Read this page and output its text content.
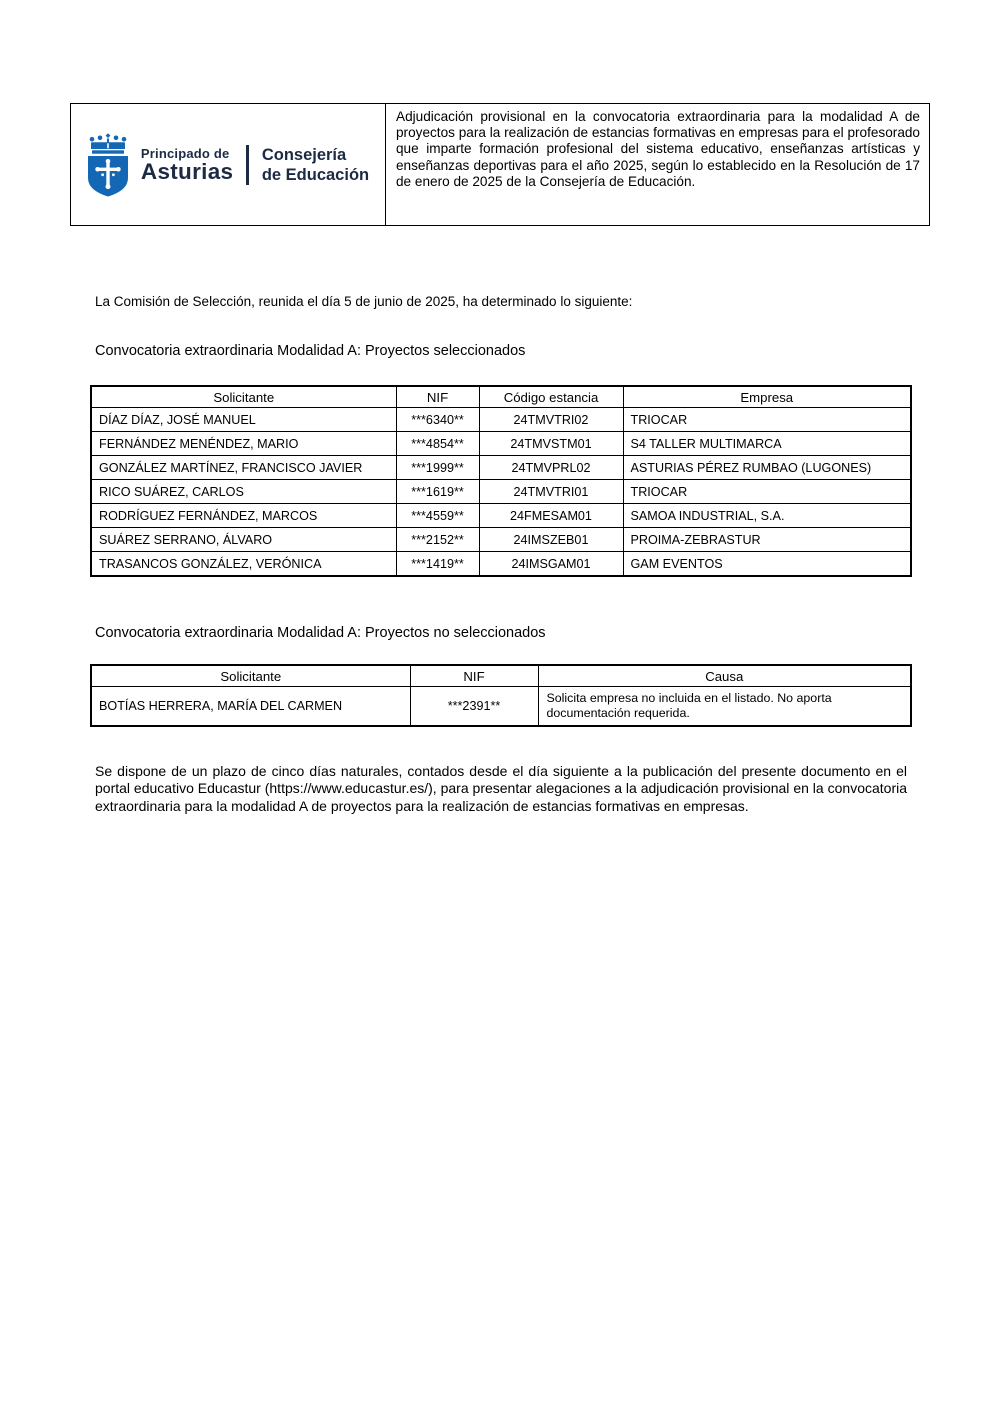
Principado de
Asturias
Consejería
de Educación
Adjudicación provisional en la convocatoria extraordinaria para la modalidad A de proyectos para la realización de estancias formativas en empresas para el profesorado que imparte formación profesional del sistema educativo, enseñanzas artísticas y enseñanzas deportivas para el año 2025, según lo establecido en la Resolución de 17 de enero de 2025 de la Consejería de Educación.
La Comisión de Selección, reunida el día 5 de junio de 2025, ha determinado lo siguiente:
Convocatoria extraordinaria Modalidad A: Proyectos seleccionados
Solicitante	NIF	Código estancia	Empresa
DÍAZ DÍAZ, JOSÉ MANUEL	***6340**	24TMVTRI02	TRIOCAR
FERNÁNDEZ MENÉNDEZ, MARIO	***4854**	24TMVSTM01	S4 TALLER MULTIMARCA
GONZÁLEZ MARTÍNEZ, FRANCISCO JAVIER	***1999**	24TMVPRL02	ASTURIAS PÉREZ RUMBAO (LUGONES)
RICO SUÁREZ, CARLOS	***1619**	24TMVTRI01	TRIOCAR
RODRÍGUEZ FERNÁNDEZ, MARCOS	***4559**	24FMESAM01	SAMOA INDUSTRIAL, S.A.
SUÁREZ SERRANO, ÁLVARO	***2152**	24IMSZEB01	PROIMA-ZEBRASTUR
TRASANCOS GONZÁLEZ, VERÓNICA	***1419**	24IMSGAM01	GAM EVENTOS
Convocatoria extraordinaria Modalidad A: Proyectos no seleccionados
Solicitante	NIF	Causa
BOTÍAS HERRERA, MARÍA DEL CARMEN	***2391**	Solicita empresa no incluida en el listado. No aporta documentación requerida.
Se dispone de un plazo de cinco días naturales, contados desde el día siguiente a la publicación del presente documento en el portal educativo Educastur (https://www.educastur.es/), para presentar alegaciones a la adjudicación provisional en la convocatoria extraordinaria para la modalidad A de proyectos para la realización de estancias formativas en empresas.
